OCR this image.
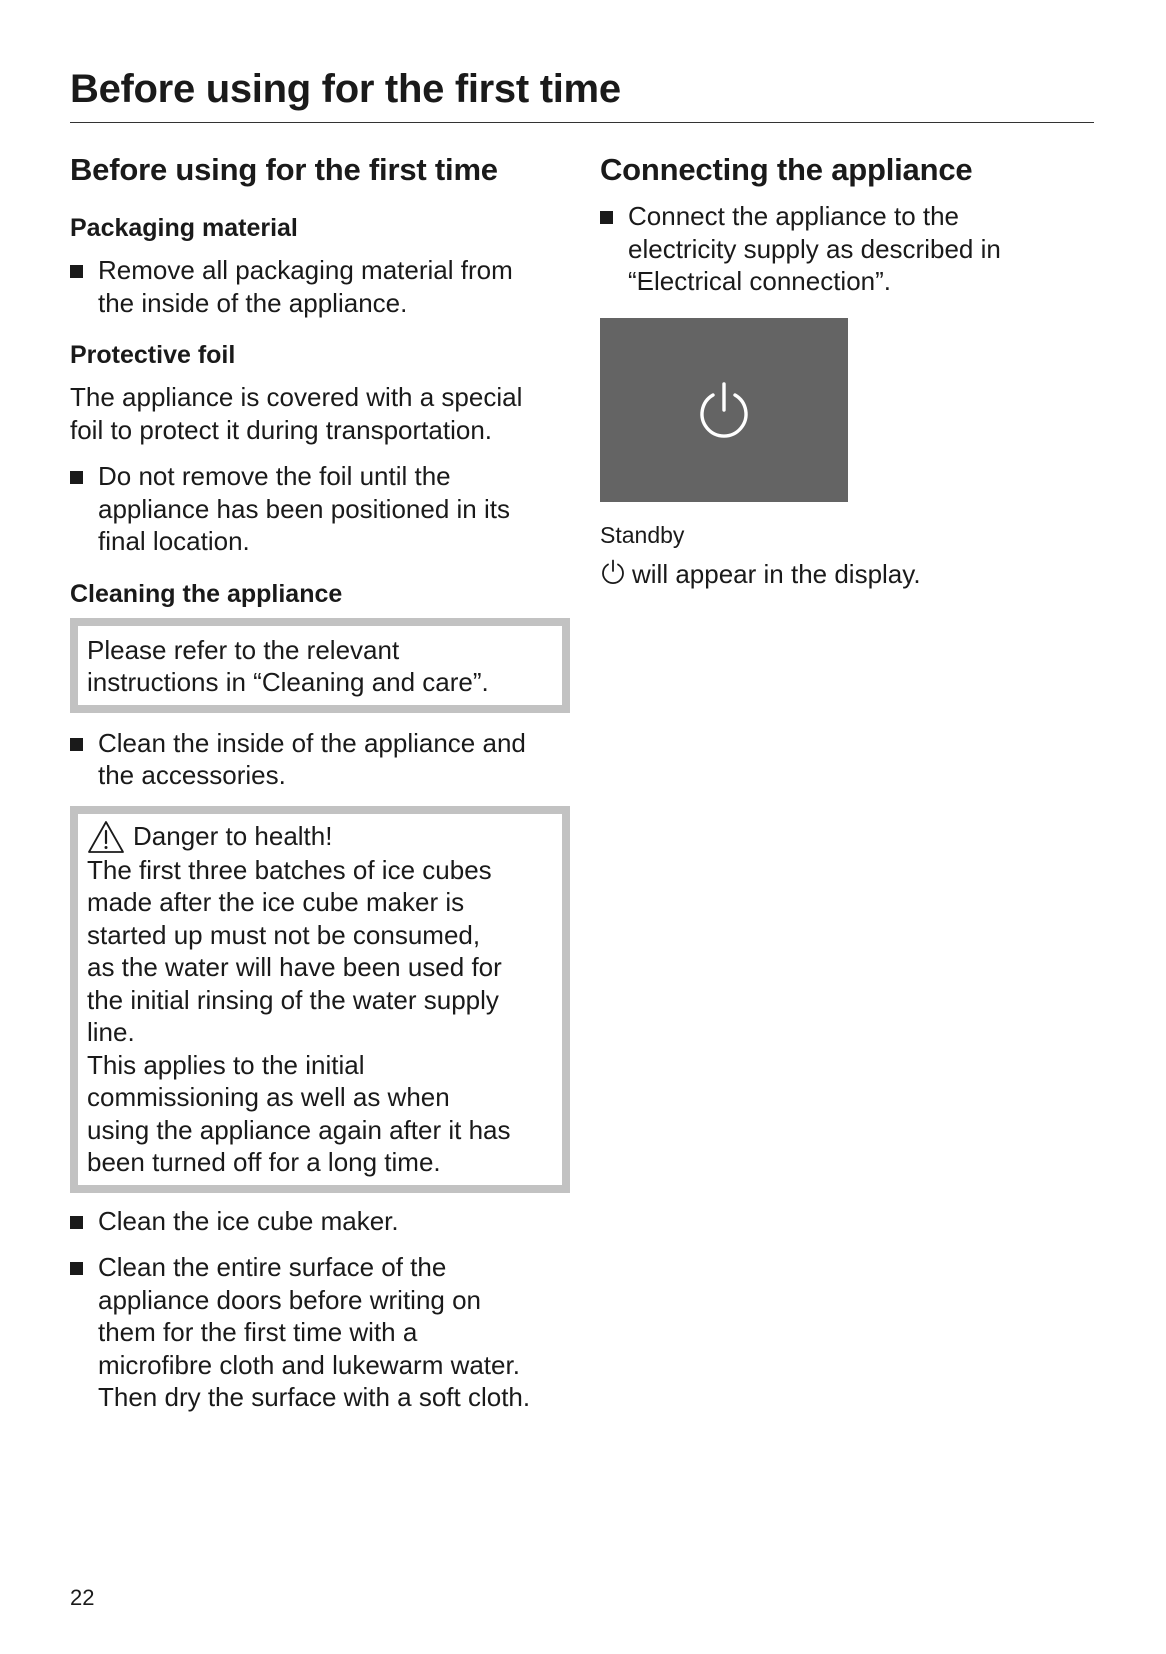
Before using for the first time
Before using for the first time
Packaging material
Remove all packaging material from
the inside of the appliance.
Protective foil

The appliance is covered with a special

foil to protect it during transportation.

Do not remove the foil until the
appliance has been positioned in its
final location.
Cleaning the appliance
Please refer to the relevant
instructions in “Cleaning and care”.
Clean the inside of the appliance and
the accessories.
Danger to health!
The first three batches of ice cubes
made after the ice cube maker is
started up must not be consumed,
as the water will have been used for
the initial rinsing of the water supply
line.
This applies to the initial
commissioning as well as when
using the appliance again after it has
been turned off for a long time.
Clean the ice cube maker.
Clean the entire surface of the
appliance doors before writing on
them for the first time with a
microfibre cloth and lukewarm water.
Then dry the surface with a soft cloth.
Connecting the appliance
Connect the appliance to the
electricity supply as described in
“Electrical connection”.
Standby

will appear in the display.

22
